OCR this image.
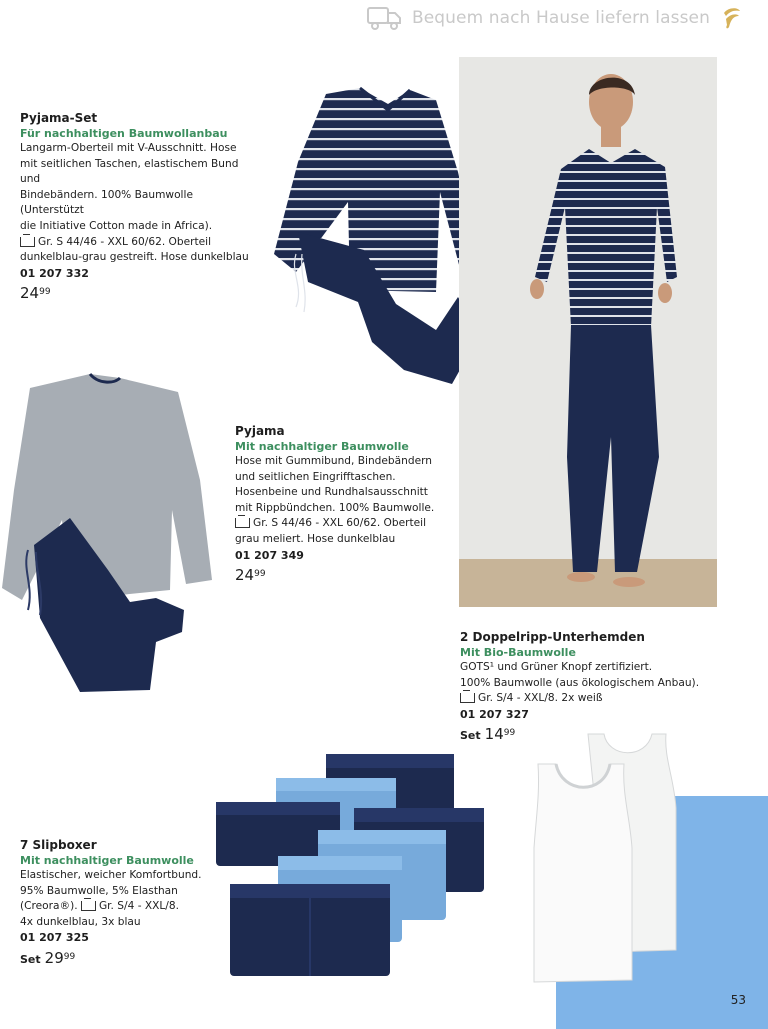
Bequem nach Hause liefern lassen
Pyjama-Set
Für nachhaltigen Baumwollanbau
Langarm-Oberteil mit V-Ausschnitt. Hose
mit seitlichen Taschen, elastischem Bund und
Bindebändern. 100% Baumwolle (Unterstützt
die Initiative Cotton made in Africa).
Gr. S 44/46 - XXL 60/62. Oberteil
dunkelblau-grau gestreift. Hose dunkelblau
01 207 332
$24^{99}$
Pyjama
Mit nachhaltiger Baumwolle
Hose mit Gummibund, Bindebändern
und seitlichen Eingrifftaschen.
Hosenbeine und Rundhalsausschnitt
mit Rippbündchen. 100% Baumwolle.
Gr. S 44/46 - XXL 60/62. Oberteil
grau meliert. Hose dunkelblau
01 207 349
$24^{99}$
2 Doppelripp-Unterhemden
Mit Bio-Baumwolle
GOTS¹ und Grüner Knopf zertifiziert.
100% Baumwolle (aus ökologischem Anbau).
Gr. S/4 - XXL/8. 2x weiß
01 207 327
Set $14^{99}$
7 Slipboxer
Mit nachhaltiger Baumwolle
Elastischer, weicher Komfortbund.
95% Baumwolle, 5% Elasthan
(Creora®). Gr. S/4 - XXL/8.
4x dunkelblau, 3x blau
01 207 325
Set $29^{99}$
53
